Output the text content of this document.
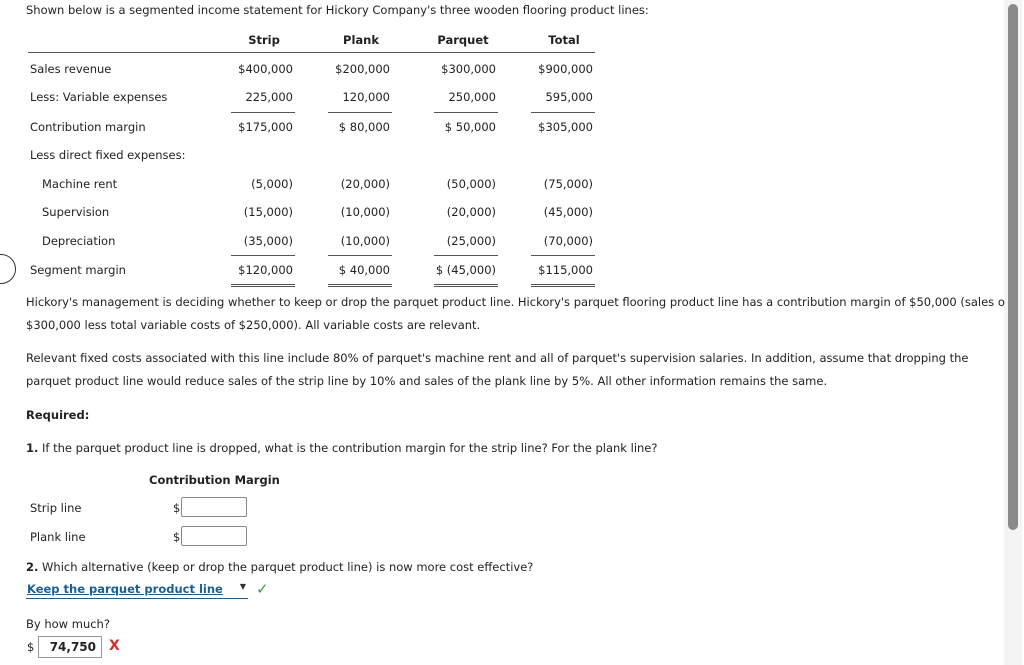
Shown below is a segmented income statement for Hickory Company's three wooden flooring product lines:
Strip	Plank	Parquet	Total
Sales revenue	$400,000	$200,000	$300,000	$900,000
Less: Variable expenses	225,000	120,000	250,000	595,000
Contribution margin	$175,000	$ 80,000	$ 50,000	$305,000
Less direct fixed expenses:
Machine rent	(5,000)	(20,000)	(50,000)	(75,000)
Supervision	(15,000)	(10,000)	(20,000)	(45,000)
Depreciation	(35,000)	(10,000)	(25,000)	(70,000)
Segment margin	$120,000	$ 40,000	$ (45,000)	$115,000
Hickory's management is deciding whether to keep or drop the parquet product line. Hickory's parquet flooring product line has a contribution margin of $50,000 (sales o
$300,000 less total variable costs of $250,000). All variable costs are relevant.
Relevant fixed costs associated with this line include 80% of parquet's machine rent and all of parquet's supervision salaries. In addition, assume that dropping the
parquet product line would reduce sales of the strip line by 10% and sales of the plank line by 5%. All other information remains the same.
Required:
1. If the parquet product line is dropped, what is the contribution margin for the strip line? For the plank line?
Contribution Margin
Strip line	$
Plank line	$
2. Which alternative (keep or drop the parquet product line) is now more cost effective?
Keep the parquet product line ▼ ✓
By how much?
$	74,750 X
